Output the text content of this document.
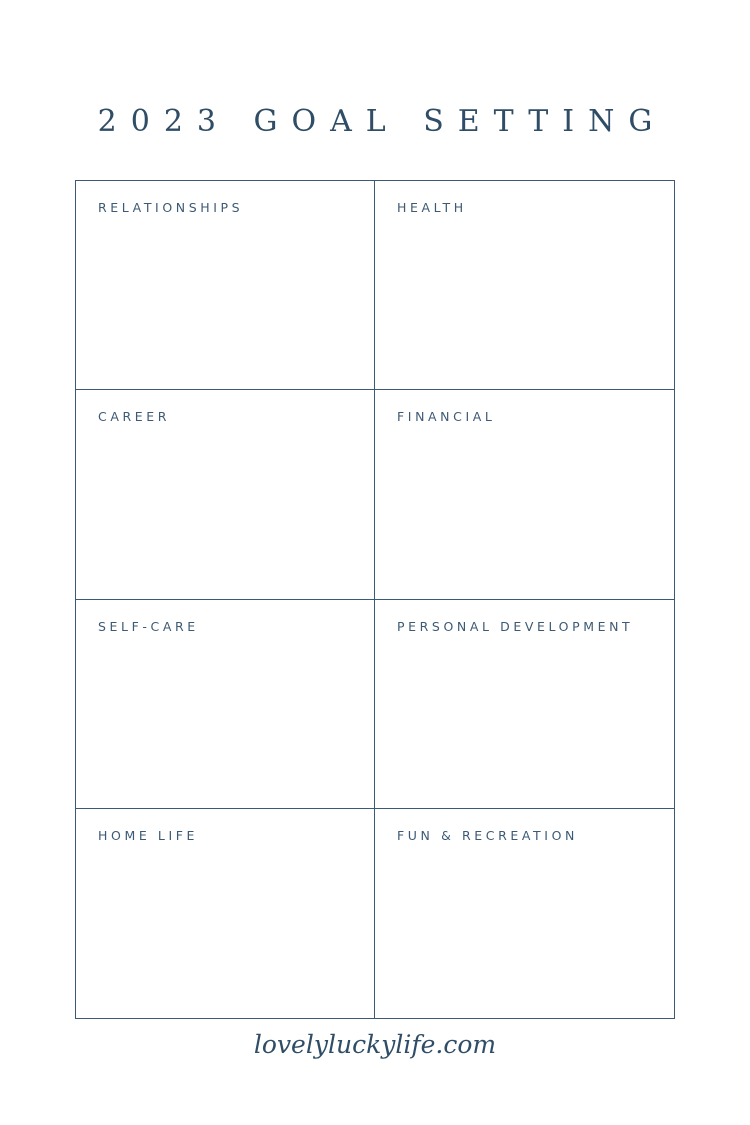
2023 GOAL SETTING
RELATIONSHIPS	HEALTH
CAREER	FINANCIAL
SELF-CARE	PERSONAL DEVELOPMENT
HOME LIFE	FUN & RECREATION
lovelyluckylife.com
